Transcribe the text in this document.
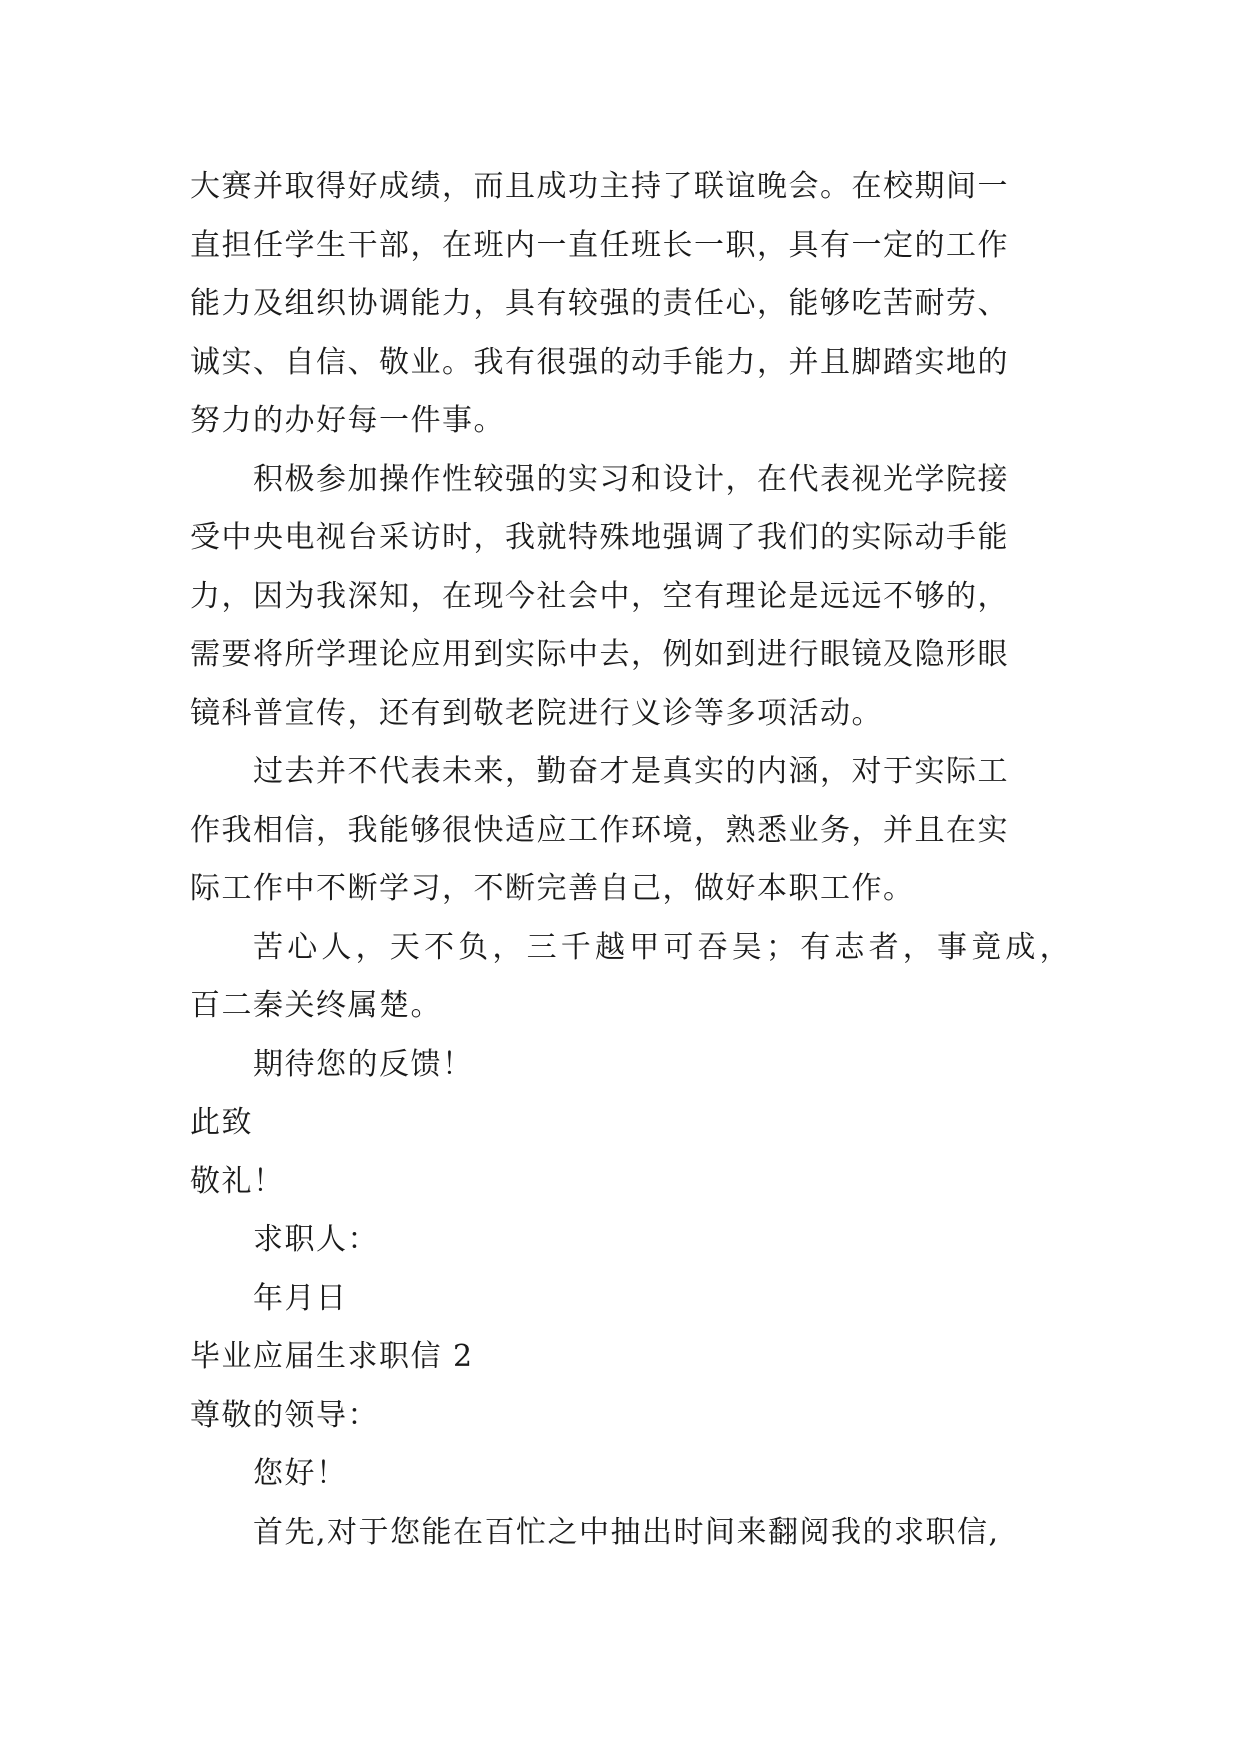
大赛并取得好成绩，而且成功主持了联谊晚会。在校期间一
直担任学生干部，在班内一直任班长一职，具有一定的工作
能力及组织协调能力，具有较强的责任心，能够吃苦耐劳、
诚实、自信、敬业。我有很强的动手能力，并且脚踏实地的
努力的办好每一件事。
积极参加操作性较强的实习和设计，在代表视光学院接
受中央电视台采访时，我就特殊地强调了我们的实际动手能
力，因为我深知，在现今社会中，空有理论是远远不够的，
需要将所学理论应用到实际中去，例如到进行眼镜及隐形眼
镜科普宣传，还有到敬老院进行义诊等多项活动。
过去并不代表未来，勤奋才是真实的内涵，对于实际工
作我相信，我能够很快适应工作环境，熟悉业务，并且在实
际工作中不断学习，不断完善自己，做好本职工作。
苦心人，天不负，三千越甲可吞吴；有志者，事竟成，
百二秦关终属楚。
期待您的反馈！
此致
敬礼！
求职人：
年月日
毕业应届生求职信 2
尊敬的领导：
您好！
首先,对于您能在百忙之中抽出时间来翻阅我的求职信,
